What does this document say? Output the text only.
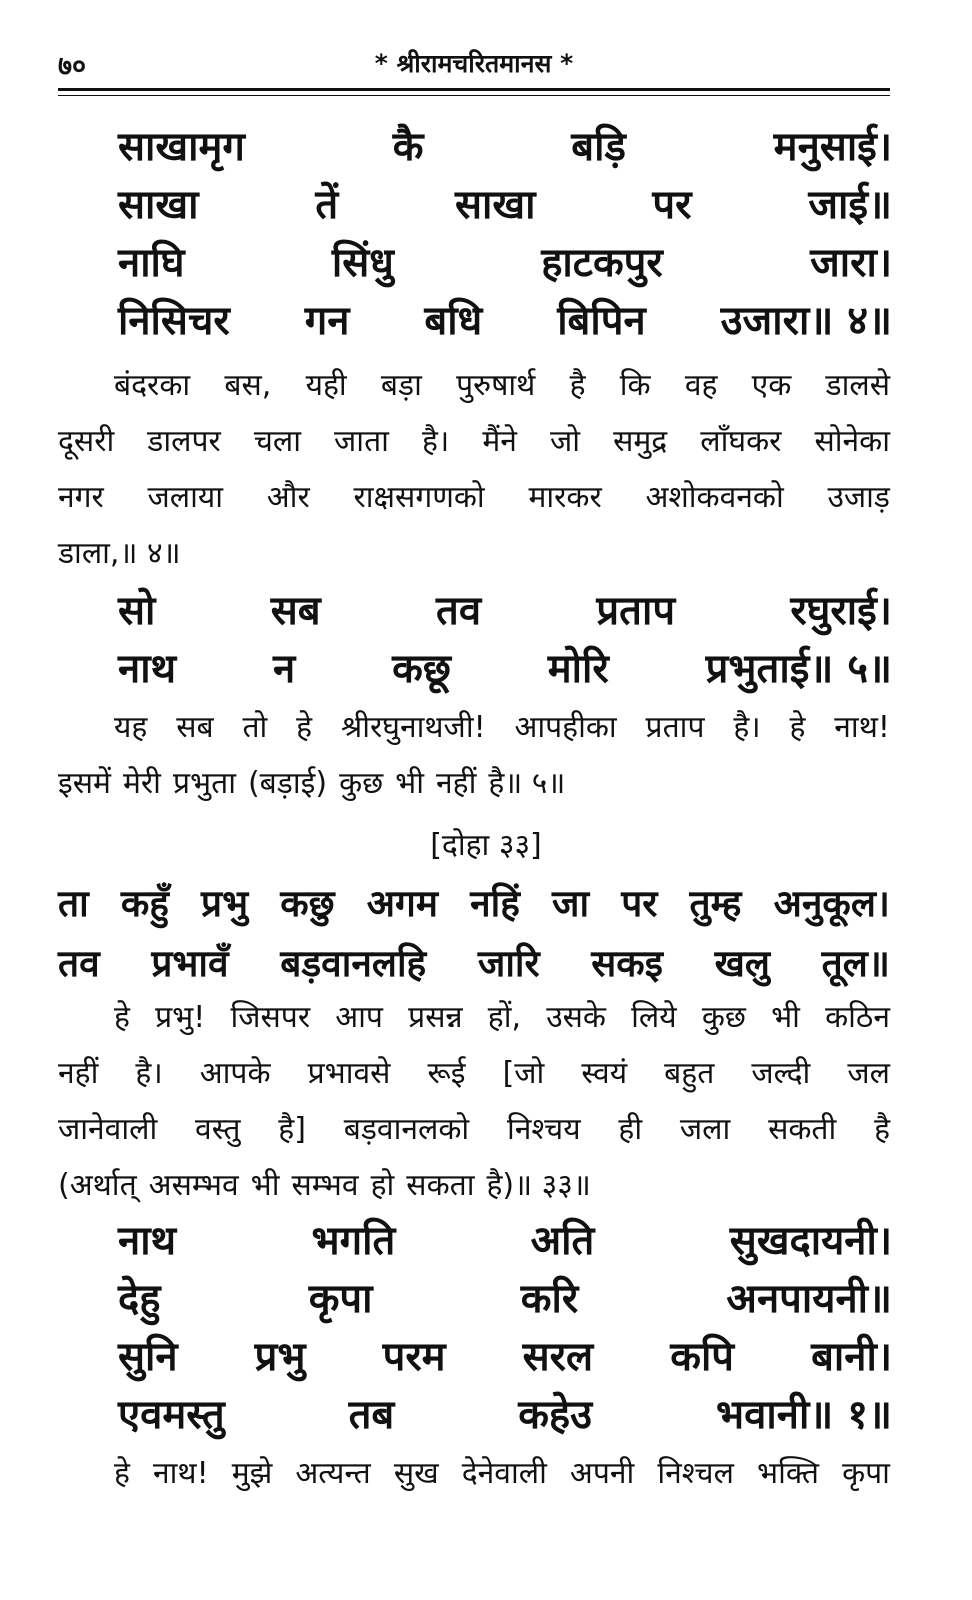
७०	* श्रीरामचरितमानस *
साखामृग	कै	बड़ि	मनुसाई।
साखा	तें	साखा	पर	जाई॥
नाघि	सिंधु	हाटकपुर	जारा।
निसिचर गन बधि बिपिन उजारा॥ ४॥
बंदरका बस, यही बड़ा पुरुषार्थ है कि वह एक डालसे
दूसरी डालपर चला जाता है। मैंने जो समुद्र लाँघकर सोनेका
नगर जलाया और राक्षसगणको मारकर अशोकवनको उजाड़
डाला,॥ ४॥
सो	सब	तव	प्रताप	रघुराई।
नाथ न कछू मोरि प्रभुताई॥ ५॥
यह सब तो हे श्रीरघुनाथजी! आपहीका प्रताप है। हे नाथ!
इसमें मेरी प्रभुता (बड़ाई) कुछ भी नहीं है॥ ५॥
[दोहा ३३]
ता कहुँ प्रभु कछु अगम नहिं जा पर तुम्ह अनुकूल।
तव प्रभावँ बड़वानलहि जारि सकइ खलु तूल॥
हे प्रभु! जिसपर आप प्रसन्न हों, उसके लिये कुछ भी कठिन
नहीं है। आपके प्रभावसे रूई [जो स्वयं बहुत जल्दी जल
जानेवाली वस्तु है] बड़वानलको निश्चय ही जला सकती है
(अर्थात् असम्भव भी सम्भव हो सकता है)॥ ३३॥
नाथ	भगति	अति	सुखदायनी।
देहु	कृपा	करि	अनपायनी॥
सुनि प्रभु परम सरल कपि बानी।
एवमस्तु	तब	कहेउ	भवानी॥ १॥
हे नाथ! मुझे अत्यन्त सुख देनेवाली अपनी निश्चल भक्ति कृपा
